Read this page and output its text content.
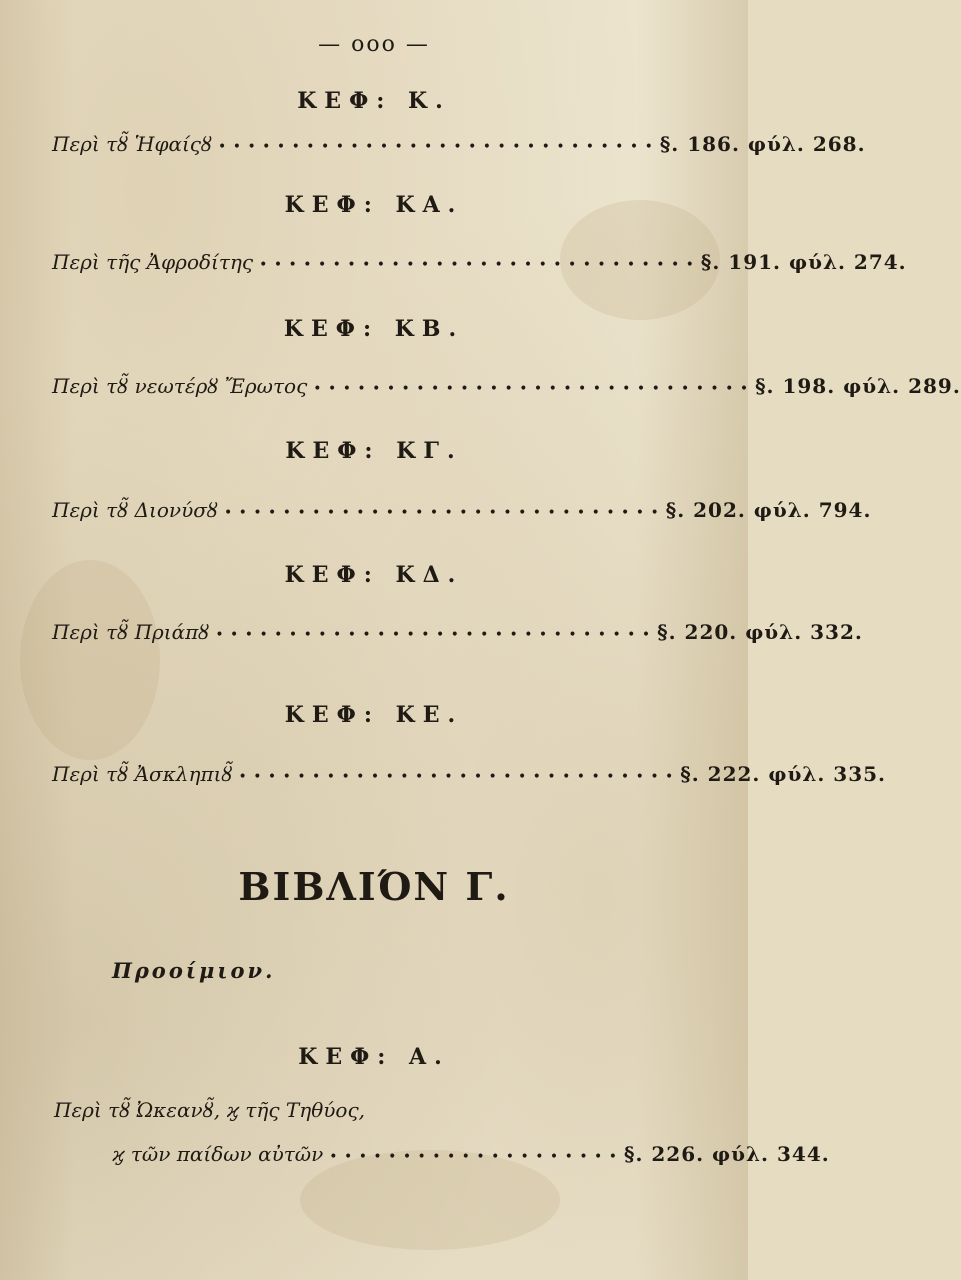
— ooo —
ΚΕΦ: Κ.
Περὶ τȣ̃ Ἡφαίςȣ • • • • • • • • • • • • • • • • • • • • • • • • • • • • • • §. 186. φύλ. 268.
ΚΕΦ: ΚΑ.
Περὶ τῆς Ἀφροδίτης • • • • • • • • • • • • • • • • • • • • • • • • • • • • • • §. 191. φύλ. 274.
ΚΕΦ: ΚΒ.
Περὶ τȣ̃ νεωτέρȣ Ἔρωτος • • • • • • • • • • • • • • • • • • • • • • • • • • • • • • §. 198. φύλ. 289.
ΚΕΦ: ΚΓ.
Περὶ τȣ̃ Διονύσȣ • • • • • • • • • • • • • • • • • • • • • • • • • • • • • • §. 202. φύλ. 794.
ΚΕΦ: ΚΔ.
Περὶ τȣ̃ Πριάπȣ • • • • • • • • • • • • • • • • • • • • • • • • • • • • • • §. 220. φύλ. 332.
ΚΕΦ: ΚΕ.
Περὶ τȣ̃ Ἀσκληπιȣ̃ • • • • • • • • • • • • • • • • • • • • • • • • • • • • • • §. 222. φύλ. 335.
ΒΙΒΛΙΌΝ Γ.
Προοίμιον.
ΚΕΦ: Α.
Περὶ τȣ̃ Ὠκεανȣ̃, ϗ τῆς Τηθύος,
ϗ τῶν παίδων αὐτῶν • • • • • • • • • • • • • • • • • • • • §. 226. φύλ. 344.
